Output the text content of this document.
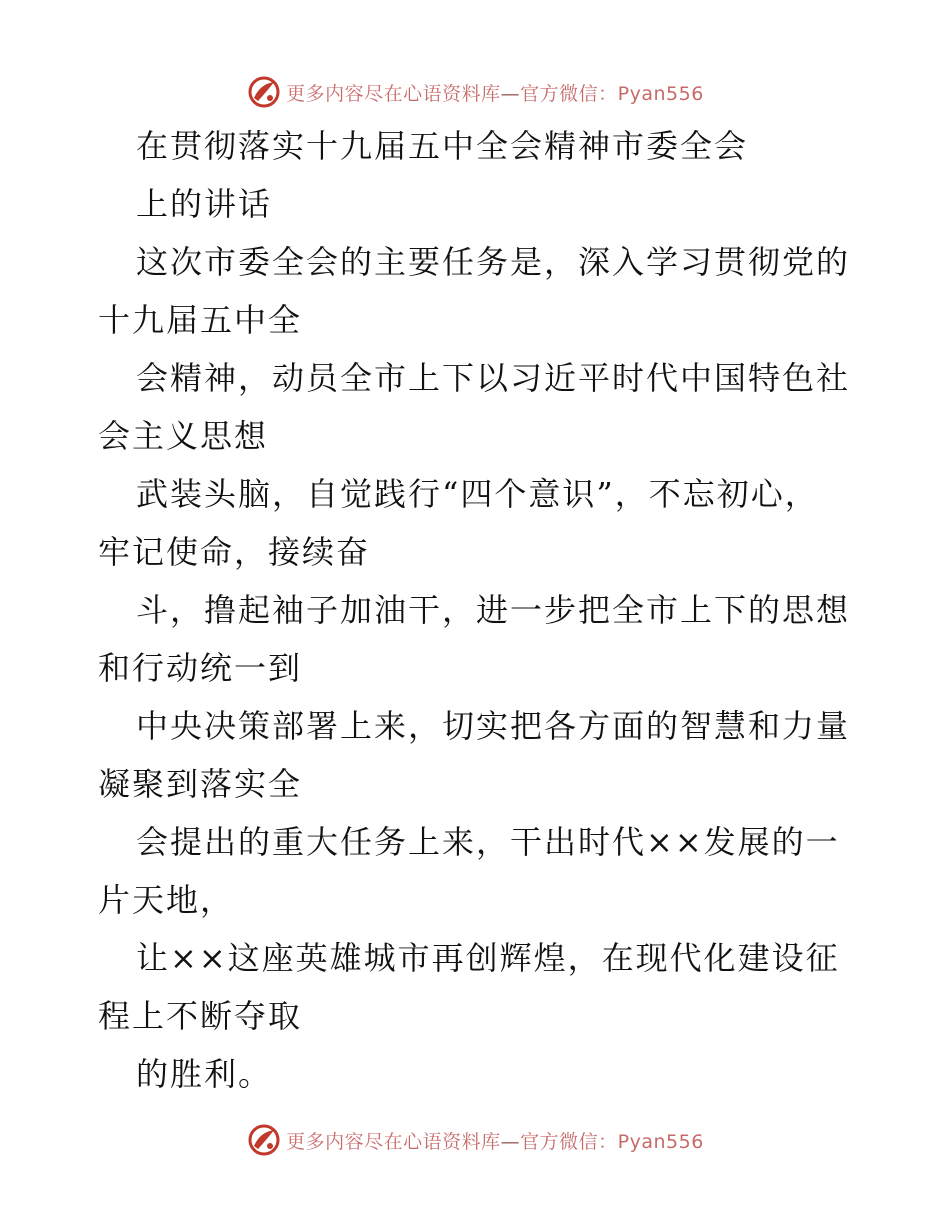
更多内容尽在心语资料库—官方微信：Pyan556
在贯彻落实十九届五中全会精神市委全会
上的讲话
这次市委全会的主要任务是，深入学习贯彻党的
十九届五中全
会精神，动员全市上下以习近平时代中国特色社
会主义思想
武装头脑，自觉践行“四个意识”，不忘初心，
牢记使命，接续奋
斗，撸起袖子加油干，进一步把全市上下的思想
和行动统一到
中央决策部署上来，切实把各方面的智慧和力量
凝聚到落实全
会提出的重大任务上来，干出时代××发展的一
片天地，
让××这座英雄城市再创辉煌，在现代化建设征
程上不断夺取
的胜利。
更多内容尽在心语资料库—官方微信：Pyan556
